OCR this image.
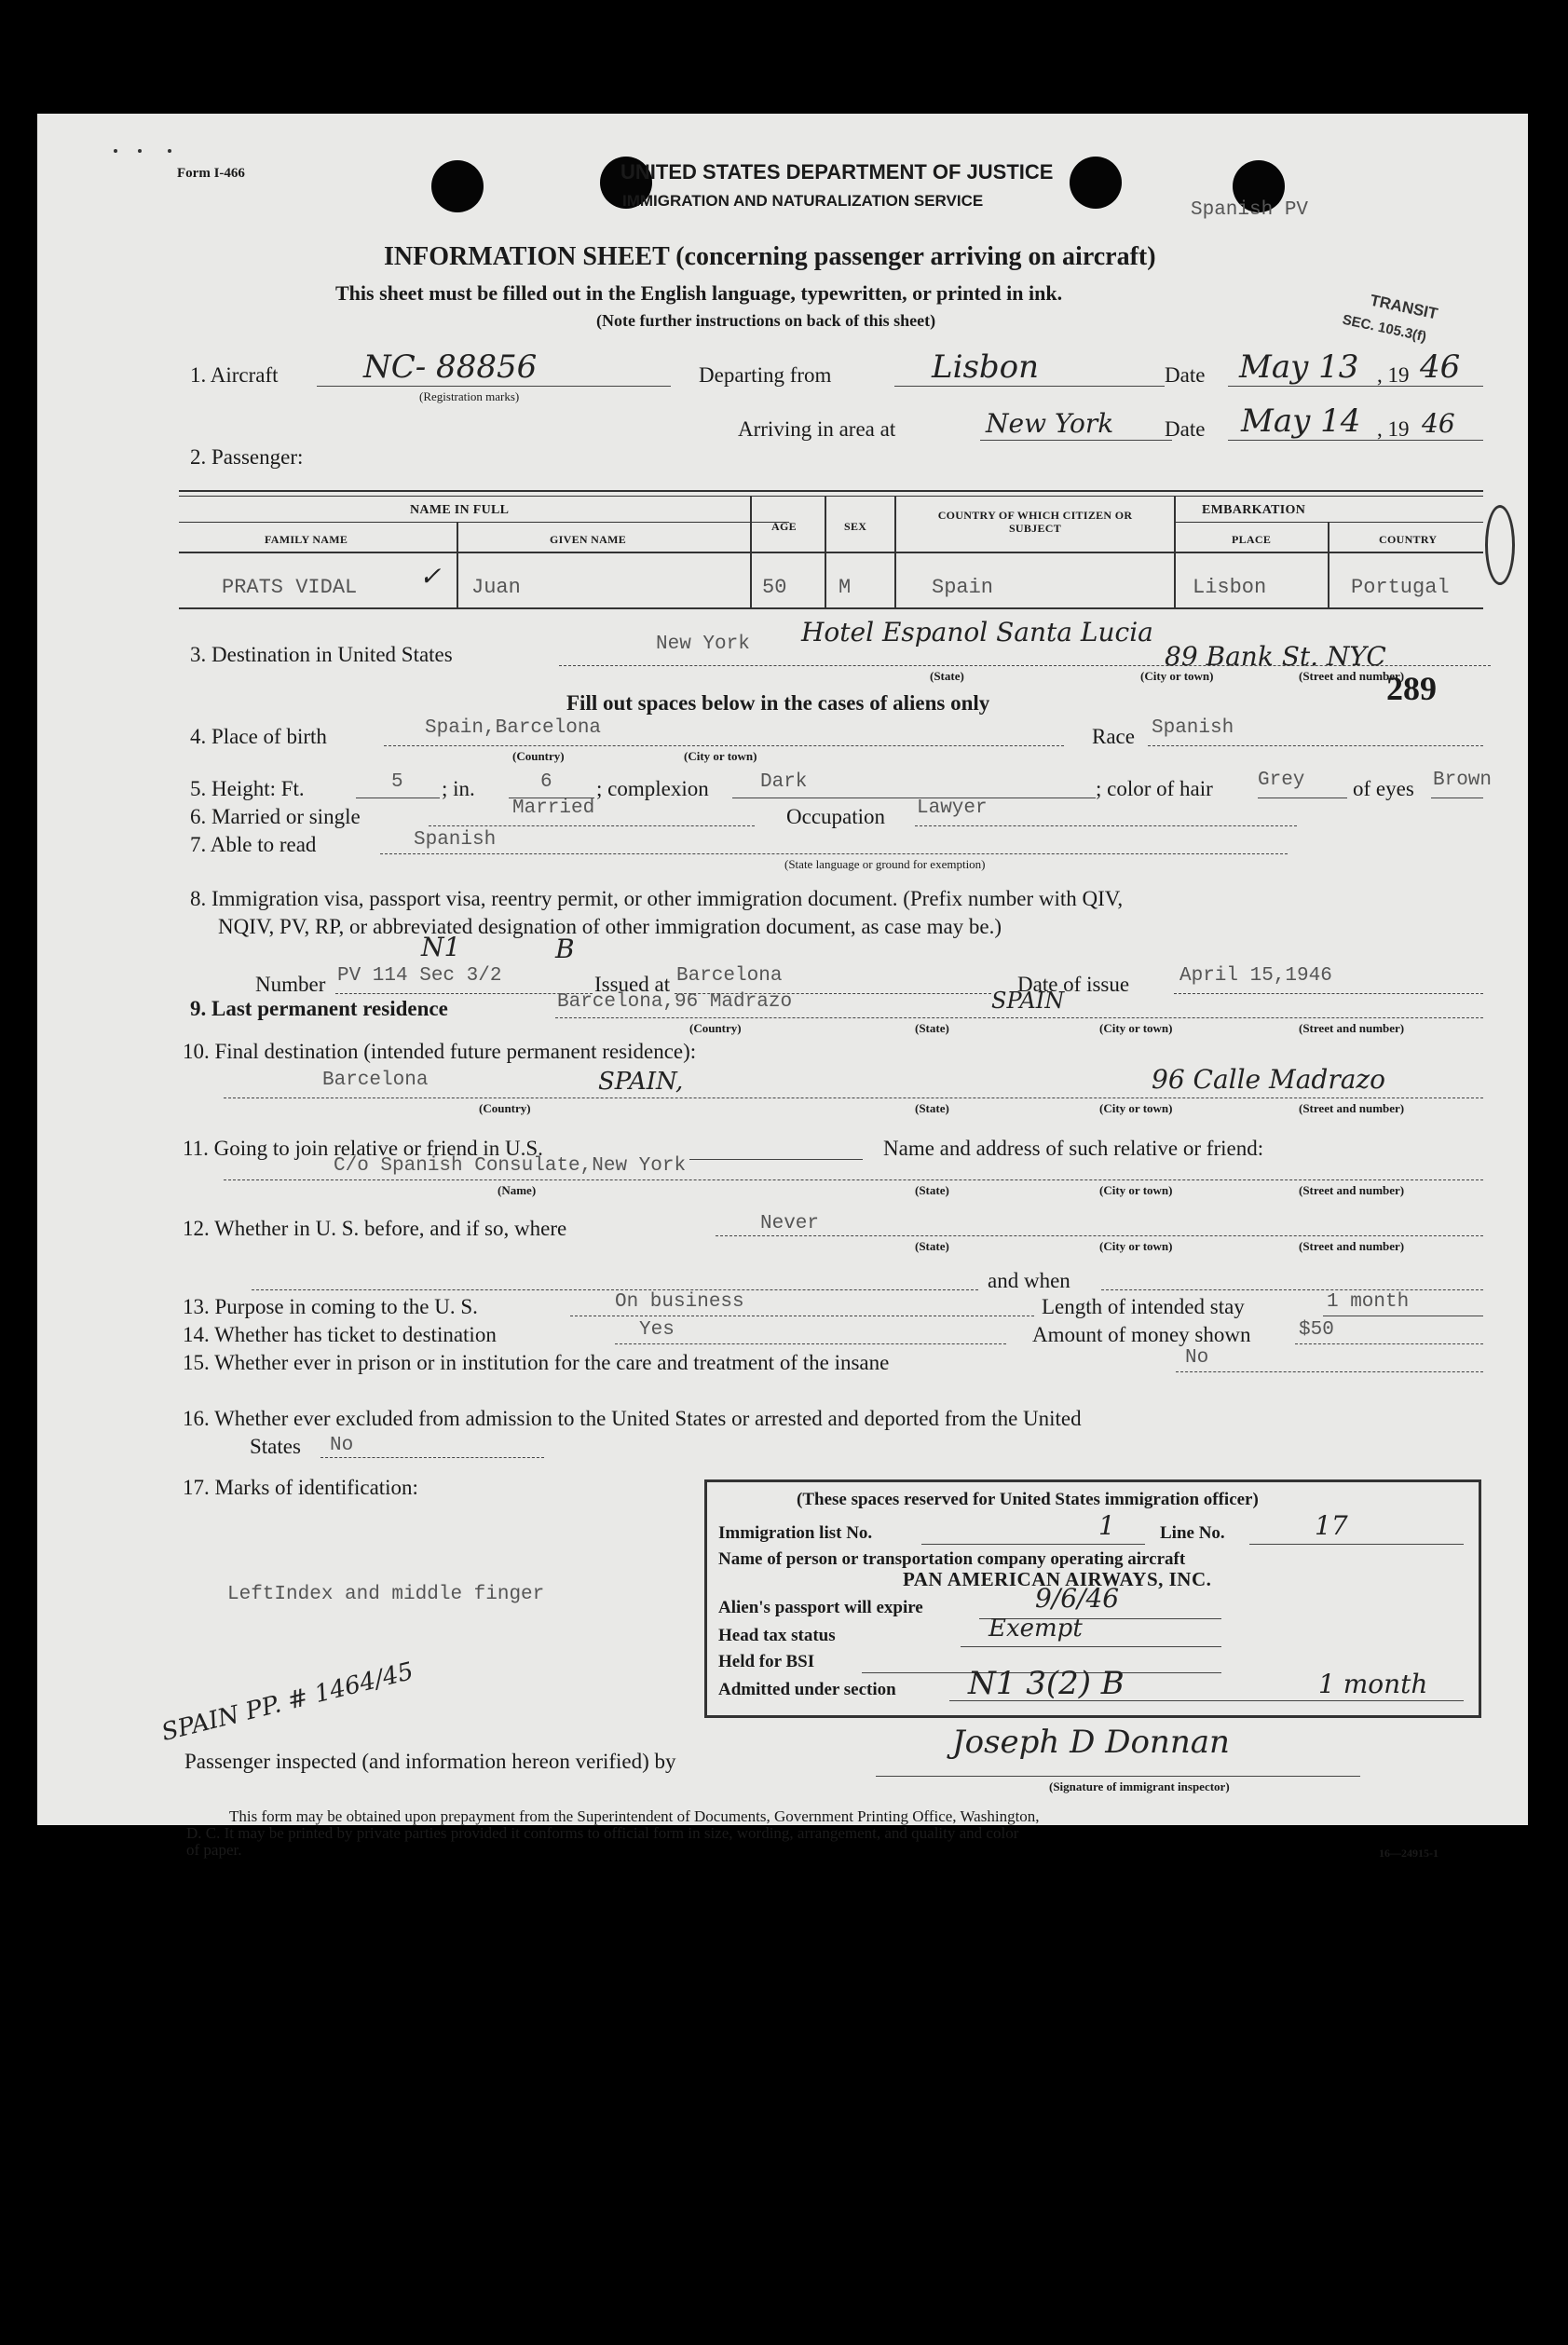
Form I-466	UNITED STATES DEPARTMENT OF JUSTICE
IMMIGRATION AND NATURALIZATION SERVICE	Spanish PV
INFORMATION SHEET (concerning passenger arriving on aircraft)
This sheet must be filled out in the English language, typewritten, or printed in ink.
(Note further instructions on back of this sheet)	TRANSIT
SEC. 105.3(f)
1. Aircraft	NC- 88856
(Registration marks)
Departing from	Lisbon	Date May 13 , 19 46
Arriving in area at	New York Date May 14 , 19 46
2. Passenger:
NAME IN FULL
FAMILY NAME	GIVEN NAME
AGE	SEX
COUNTRY OF WHICH CITIZEN OR SUBJECT
EMBARKATION
PLACE	COUNTRY
PRATS VIDAL ✓ Juan	50	M	Spain	Lisbon	Portugal
3. Destination in United States	New York Hotel Espanol Santa Lucia
89 Bank St. NYC
(State)	(City or town)	(Street and number)
289
Fill out spaces below in the cases of aliens only
4. Place of birth	Spain,Barcelona
(Country)	(City or town)
Race Spanish
5. Height: Ft.	5 ; in.	6 ; complexion	Dark	; color of hair Grey of eyes Brown
6. Married or single	Married	Occupation Lawyer
7. Able to read	Spanish
(State language or ground for exemption)
8. Immigration visa, passport visa, reentry permit, or other immigration document. (Prefix number with QIV,
NQIV, PV, RP, or abbreviated designation of other immigration document, as case may be.)
N1	B
Number PV 114 Sec 3/2	Issued at Barcelona	Date of issue	April 15,1946
9. Last permanent residence	Barcelona,96 Madrazo	SPAIN
(Country)	(State)	(City or town)	(Street and number)
10. Final destination (intended future permanent residence):
Barcelona	SPAIN,	96 Calle Madrazo
(Country)	(State)	(City or town)	(Street and number)
11. Going to join relative or friend in U.S.	Name and address of such relative or friend:
C/o Spanish Consulate,New York
(Name)	(State)	(City or town)	(Street and number)
12. Whether in U. S. before, and if so, where	Never
(State)	(City or town)	(Street and number)
and when
13. Purpose in coming to the U. S.	On business	Length of intended stay	1 month
14. Whether has ticket to destination	Yes	Amount of money shown $50
15. Whether ever in prison or in institution for the care and treatment of the insane	No
16. Whether ever excluded from admission to the United States or arrested and deported from the United
States No
17. Marks of identification:
LeftIndex and middle finger
SPAIN PP. # 1464/45
(These spaces reserved for United States immigration officer)
Immigration list No.	1	Line No.	17
Name of person or transportation company operating aircraft
PAN AMERICAN AIRWAYS, INC.
Alien's passport will expire	9/6/46
Head tax status	Exempt
Held for BSI
Admitted under section N1 3(2) B	1 month
Passenger inspected (and information hereon verified) by
Joseph D Donnan
(Signature of immigrant inspector)
This form may be obtained upon prepayment from the Superintendent of Documents, Government Printing Office, Washington,
D. C. It may be printed by private parties provided it conforms to official form in size, wording, arrangement, and quality and color
of paper.	16—24915-1
